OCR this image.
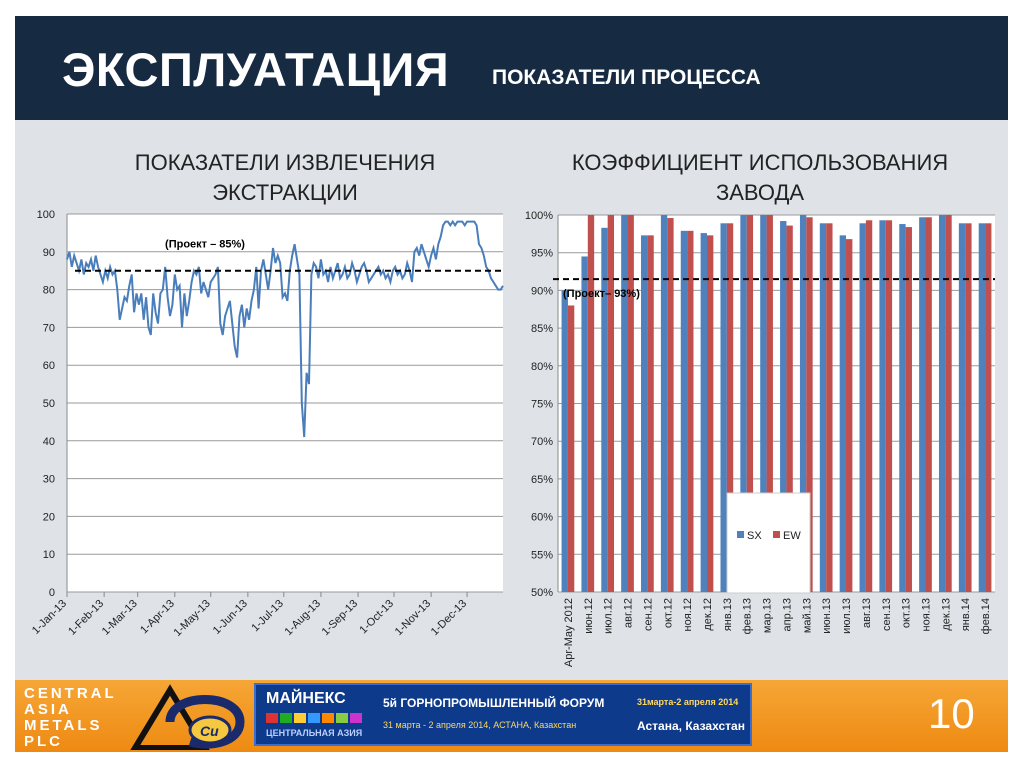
ЭКСПЛУАТАЦИЯ ПОКАЗАТЕЛИ ПРОЦЕССА
ПОКАЗАТЕЛИ ИЗВЛЕЧЕНИЯ
ЭКСТРАКЦИИ
КОЭФФИЦИЕНТ ИСПОЛЬЗОВАНИЯ
ЗАВОДА
0
10
20
30
40
50
60
70
80
90
100
1-Jan-13
1-Feb-13
1-Mar-13
1-Apr-13
1-May-13
1-Jun-13 1-Jul-13
1-Aug-13
1-Sep-13
1-Oct-13
1-Nov-13
1-Dec-13
(Проект – 85%)
50%
55%
60%
65%
70%
75%
80%
85%
90%
95%
100%
Apr-May 2012 июн.12 июл.12 авг.12 сен.12 окт.12 ноя.12 дек.12 янв.13 фев.13 мар.13 апр.13 май.13 июн.13 июл.13 авг.13 сен.13 окт.13 ноя.13 дек.13 янв.14 фев.14
(Проект– 93%)
SX EW
CENTRAL
ASIA
METALS
PLC
Cu
МАЙНЕКС
ЦЕНТРАЛЬНАЯ АЗИЯ
5й ГОРНОПРОМЫШЛЕННЫЙ ФОРУМ
31 марта - 2 апреля 2014, АСТАНА, Казахстан
31марта-2 апреля 2014
Астана, Казахстан	10
